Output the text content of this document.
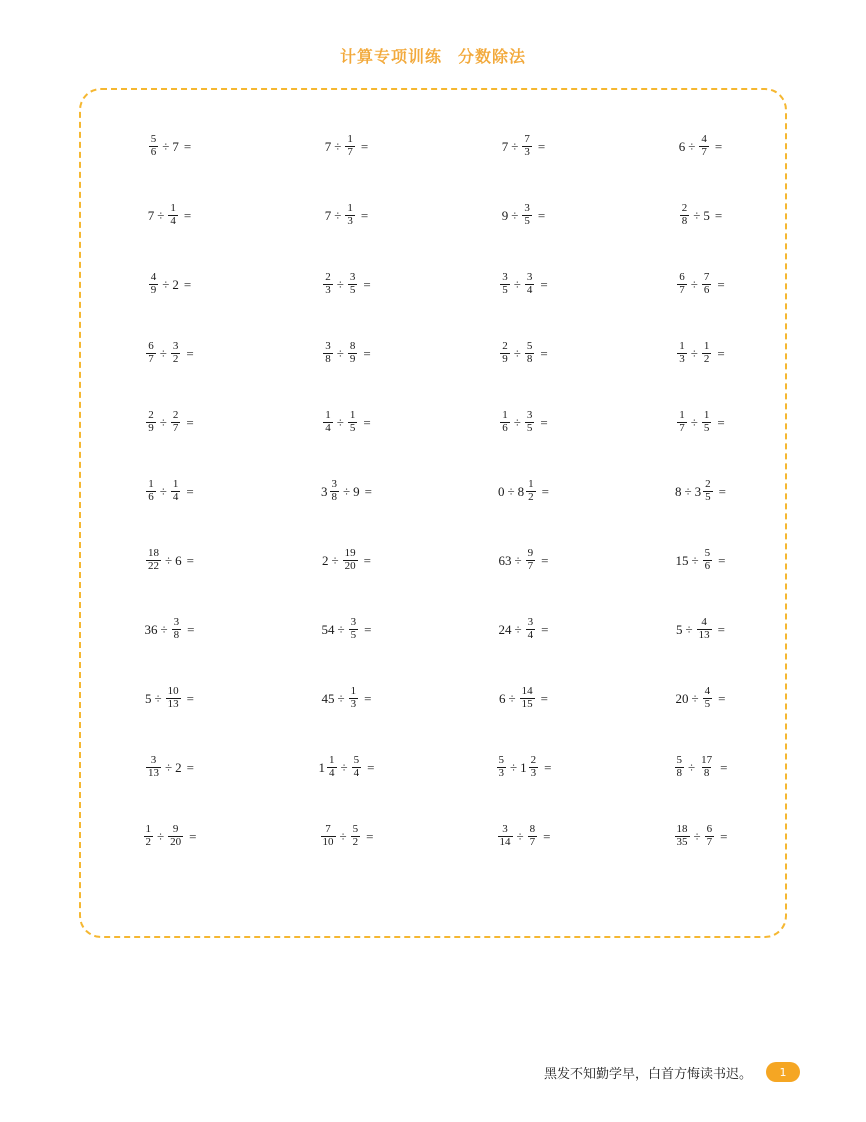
计算专项训练 分数除法
$\frac{5}{6} \div 7$ =	$7 \div \frac{1}{7}$ =	$7 \div \frac{7}{3}$ =	$6 \div \frac{4}{7}$ =
$7 \div \frac{1}{4}$ =	$7 \div \frac{1}{3}$ =	$9 \div \frac{3}{5}$ =	$\frac{2}{8} \div 5$ =
$\frac{4}{9} \div 2$ =	$\frac{2}{3} \div \frac{3}{5}$ =	$\frac{3}{5} \div \frac{3}{4}$ =	$\frac{6}{7} \div \frac{7}{6}$ =
$\frac{6}{7} \div \frac{3}{2}$ =	$\frac{3}{8} \div \frac{8}{9}$ =	$\frac{2}{9} \div \frac{5}{8}$ =	$\frac{1}{3} \div \frac{1}{2}$ =
$\frac{2}{9} \div \frac{2}{7}$ =	$\frac{1}{4} \div \frac{1}{5}$ =	$\frac{1}{6} \div \frac{3}{5}$ =	$\frac{1}{7} \div \frac{1}{5}$ =
$\frac{1}{6} \div \frac{1}{4}$ =	$3 \frac{3}{8} \div 9$ =	$0 \div 8 \frac{1}{2}$ =	$8 \div 3 \frac{2}{5}$ =
$\frac{18}{22} \div 6$ =	$2 \div \frac{19}{20}$ =	$63 \div \frac{9}{7}$ =	$15 \div \frac{5}{6}$ =
$36 \div \frac{3}{8}$ =	$54 \div \frac{3}{5}$ =	$24 \div \frac{3}{4}$ =	$5 \div \frac{4}{13}$ =
$5 \div \frac{10}{13}$ =	$45 \div \frac{1}{3}$ =	$6 \div \frac{14}{15}$ =	$20 \div \frac{4}{5}$ =
$\frac{3}{13} \div 2$ =	$1 \frac{1}{4} \div \frac{5}{4}$ =	$\frac{5}{3} \div 1 \frac{2}{3}$ =	$\frac{5}{8} \div \frac{17}{8}$ =
$\frac{1}{2} \div \frac{9}{20}$ =	$\frac{7}{10} \div \frac{5}{2}$ =	$\frac{3}{14} \div \frac{8}{7}$ =	$\frac{18}{35} \div \frac{6}{7}$ =
黑发不知勤学早，白首方悔读书迟。	1
